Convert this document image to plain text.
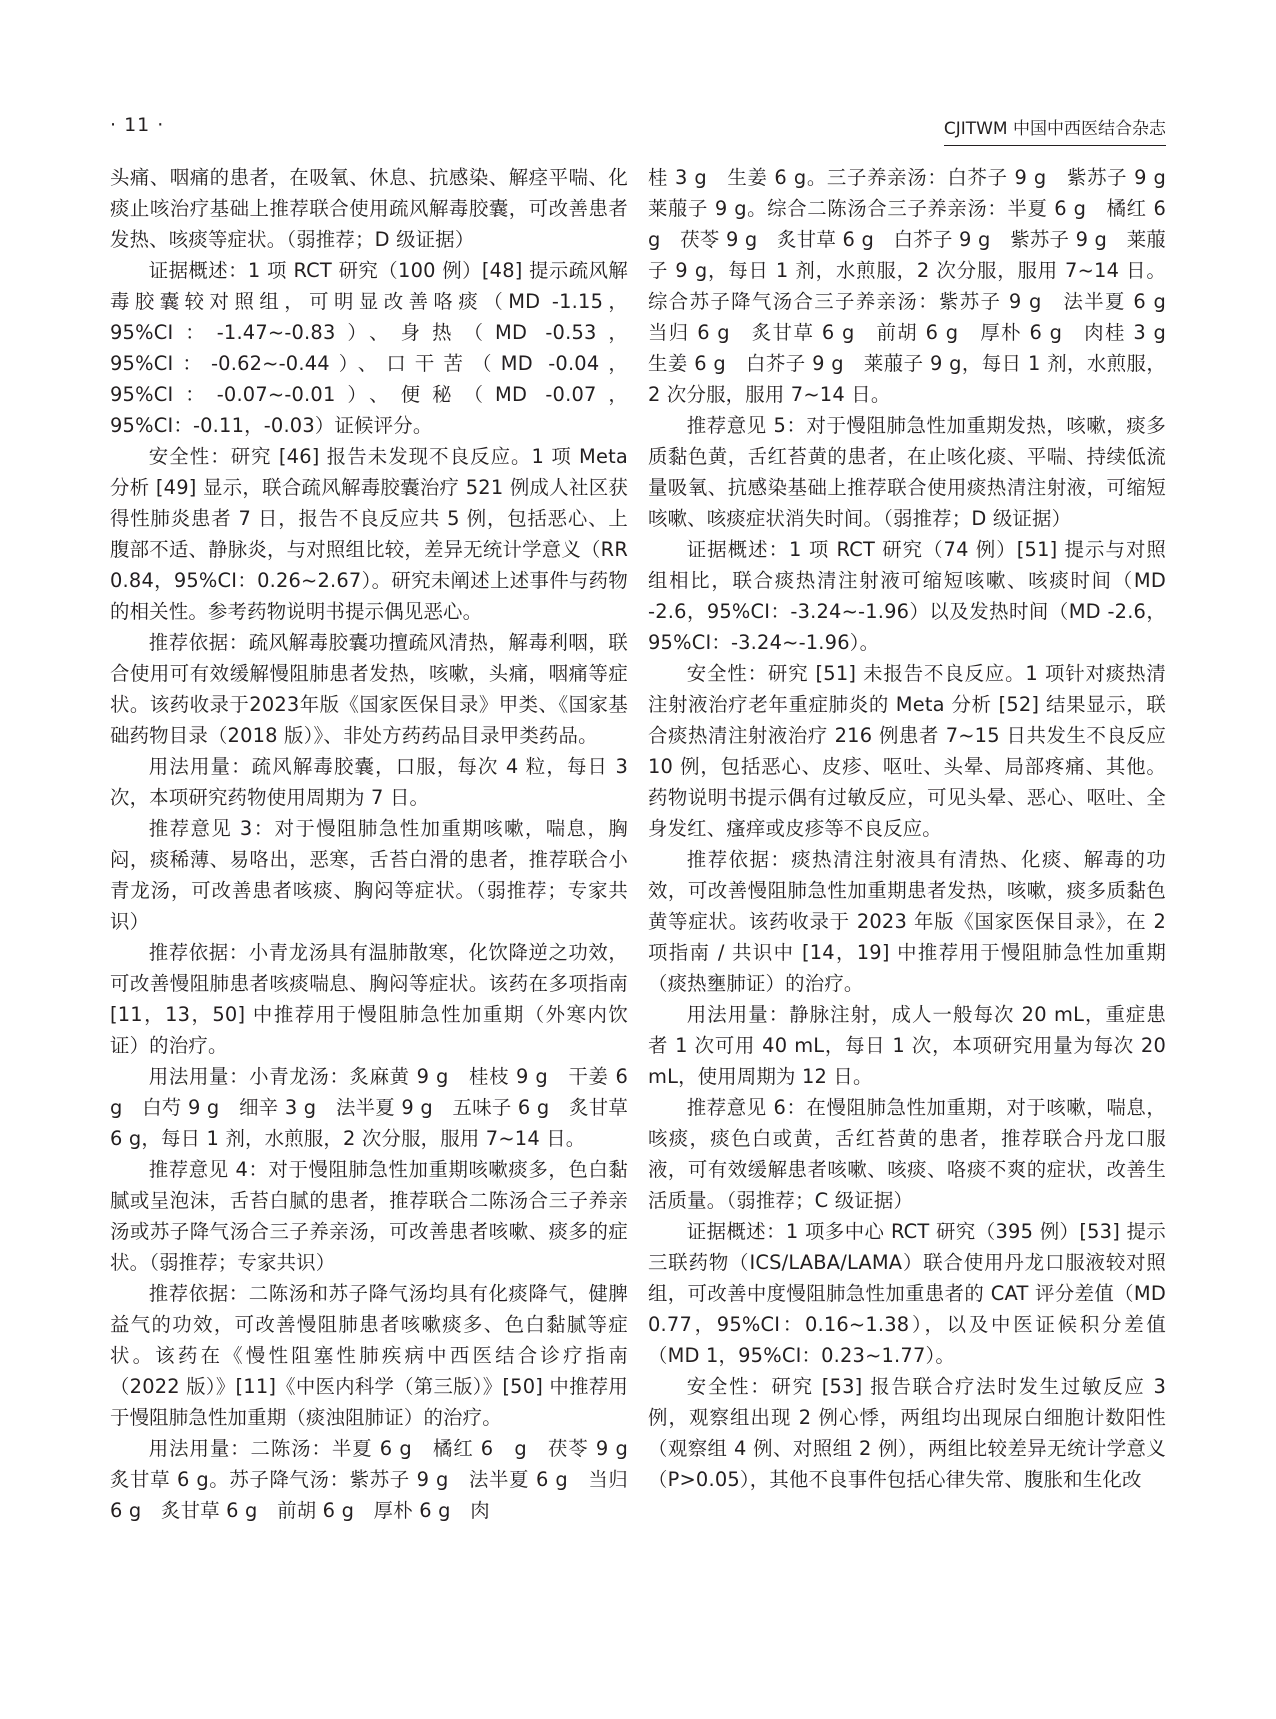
· 11 ·	CJITWM 中国中西医结合杂志

头痛、咽痛的患者，在吸氧、休息、抗感染、解痉平喘、化痰止咳治疗基础上推荐联合使用疏风解毒胶囊，可改善患者发热、咳痰等症状。（弱推荐；D 级证据）

证据概述：1 项 RCT 研究（100 例）[48] 提示疏风解毒胶囊较对照组，可明显改善咯痰（MD -1.15，95%CI：-1.47~-0.83）、身热（MD -0.53，95%CI：-0.62~-0.44）、口干苦（MD -0.04，95%CI：-0.07~-0.01）、便秘（MD -0.07，95%CI：-0.11，-0.03）证候评分。

安全性：研究 [46] 报告未发现不良反应。1 项 Meta 分析 [49] 显示，联合疏风解毒胶囊治疗 521 例成人社区获得性肺炎患者 7 日，报告不良反应共 5 例，包括恶心、上腹部不适、静脉炎，与对照组比较，差异无统计学意义（RR 0.84，95%CI：0.26~2.67）。研究未阐述上述事件与药物的相关性。参考药物说明书提示偶见恶心。

推荐依据：疏风解毒胶囊功擅疏风清热，解毒利咽，联合使用可有效缓解慢阻肺患者发热，咳嗽，头痛，咽痛等症状。该药收录于2023年版《国家医保目录》甲类、《国家基础药物目录（2018 版）》、非处方药药品目录甲类药品。

用法用量：疏风解毒胶囊，口服，每次 4 粒，每日 3 次，本项研究药物使用周期为 7 日。

推荐意见 3：对于慢阻肺急性加重期咳嗽，喘息，胸闷，痰稀薄、易咯出，恶寒，舌苔白滑的患者，推荐联合小青龙汤，可改善患者咳痰、胸闷等症状。（弱推荐；专家共识）

推荐依据：小青龙汤具有温肺散寒，化饮降逆之功效，可改善慢阻肺患者咳痰喘息、胸闷等症状。该药在多项指南 [11，13，50] 中推荐用于慢阻肺急性加重期（外寒内饮证）的治疗。

用法用量：小青龙汤：炙麻黄 9 g　桂枝 9 g　干姜 6 g　白芍 9 g　细辛 3 g　法半夏 9 g　五味子 6 g　炙甘草 6 g，每日 1 剂，水煎服，2 次分服，服用 7~14 日。

推荐意见 4：对于慢阻肺急性加重期咳嗽痰多，色白黏腻或呈泡沫，舌苔白腻的患者，推荐联合二陈汤合三子养亲汤或苏子降气汤合三子养亲汤，可改善患者咳嗽、痰多的症状。（弱推荐；专家共识）

推荐依据：二陈汤和苏子降气汤均具有化痰降气，健脾益气的功效，可改善慢阻肺患者咳嗽痰多、色白黏腻等症状。该药在《慢性阻塞性肺疾病中西医结合诊疗指南（2022 版）》[11]《中医内科学（第三版）》[50] 中推荐用于慢阻肺急性加重期（痰浊阻肺证）的治疗。

用法用量：二陈汤：半夏 6 g　橘红 6　g　茯苓 9 g　炙甘草 6 g。苏子降气汤：紫苏子 9 g　法半夏 6 g　当归 6 g　炙甘草 6 g　前胡 6 g　厚朴 6 g　肉

桂 3 g　生姜 6 g。三子养亲汤：白芥子 9 g　紫苏子 9 g　莱菔子 9 g。综合二陈汤合三子养亲汤：半夏 6 g　橘红 6 g　茯苓 9 g　炙甘草 6 g　白芥子 9 g　紫苏子 9 g　莱菔子 9 g，每日 1 剂，水煎服，2 次分服，服用 7~14 日。综合苏子降气汤合三子养亲汤：紫苏子 9 g　法半夏 6 g　当归 6 g　炙甘草 6 g　前胡 6 g　厚朴 6 g　肉桂 3 g　生姜 6 g　白芥子 9 g　莱菔子 9 g，每日 1 剂，水煎服，2 次分服，服用 7~14 日。

推荐意见 5：对于慢阻肺急性加重期发热，咳嗽，痰多质黏色黄，舌红苔黄的患者，在止咳化痰、平喘、持续低流量吸氧、抗感染基础上推荐联合使用痰热清注射液，可缩短咳嗽、咳痰症状消失时间。（弱推荐；D 级证据）

证据概述：1 项 RCT 研究（74 例）[51] 提示与对照组相比，联合痰热清注射液可缩短咳嗽、咳痰时间（MD -2.6，95%CI：-3.24~-1.96）以及发热时间（MD -2.6，95%CI：-3.24~-1.96）。

安全性：研究 [51] 未报告不良反应。1 项针对痰热清注射液治疗老年重症肺炎的 Meta 分析 [52] 结果显示，联合痰热清注射液治疗 216 例患者 7~15 日共发生不良反应 10 例，包括恶心、皮疹、呕吐、头晕、局部疼痛、其他。药物说明书提示偶有过敏反应，可见头晕、恶心、呕吐、全身发红、瘙痒或皮疹等不良反应。

推荐依据：痰热清注射液具有清热、化痰、解毒的功效，可改善慢阻肺急性加重期患者发热，咳嗽，痰多质黏色黄等症状。该药收录于 2023 年版《国家医保目录》，在 2 项指南 / 共识中 [14，19] 中推荐用于慢阻肺急性加重期（痰热壅肺证）的治疗。

用法用量：静脉注射，成人一般每次 20 mL，重症患者 1 次可用 40 mL，每日 1 次，本项研究用量为每次 20 mL，使用周期为 12 日。

推荐意见 6：在慢阻肺急性加重期，对于咳嗽，喘息，咳痰，痰色白或黄，舌红苔黄的患者，推荐联合丹龙口服液，可有效缓解患者咳嗽、咳痰、咯痰不爽的症状，改善生活质量。（弱推荐；C 级证据）

证据概述：1 项多中心 RCT 研究（395 例）[53] 提示三联药物（ICS/LABA/LAMA）联合使用丹龙口服液较对照组，可改善中度慢阻肺急性加重患者的 CAT 评分差值（MD 0.77，95%CI：0.16~1.38），以及中医证候积分差值（MD 1，95%CI：0.23~1.77）。

安全性：研究 [53] 报告联合疗法时发生过敏反应 3 例，观察组出现 2 例心悸，两组均出现尿白细胞计数阳性（观察组 4 例、对照组 2 例），两组比较差异无统计学意义（P>0.05），其他不良事件包括心律失常、腹胀和生化改
